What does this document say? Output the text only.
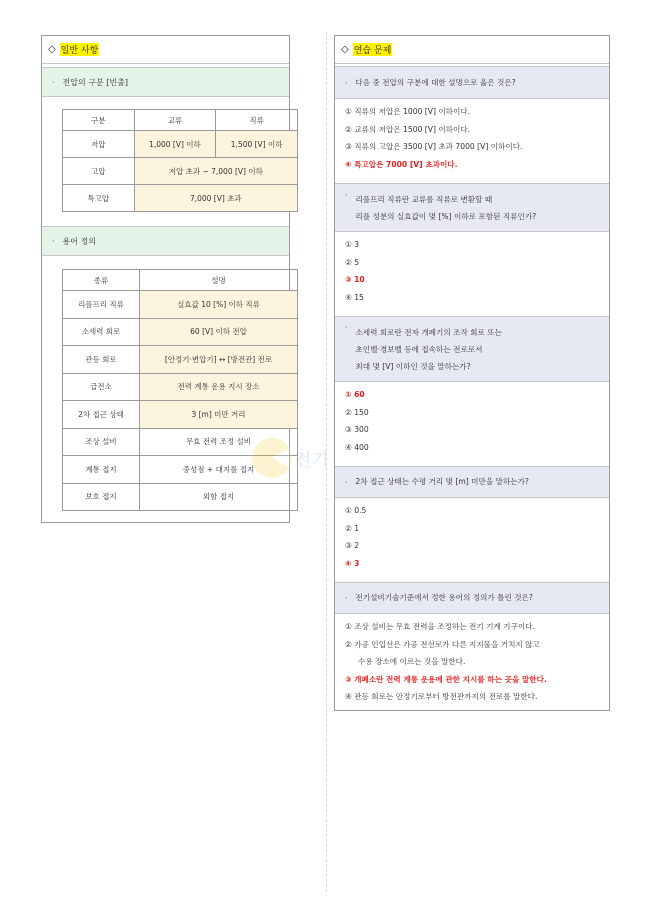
◇ 일반 사항
· 전압의 구분 [빈출]
구분	교류	직류
저압	1,000 [V] 이하	1,500 [V] 이하
고압	저압 초과 ~ 7,000 [V] 이하	
특고압	7,000 [V] 초과	
· 용어 정의
종류	설명
리플프리 직류	실효값 10 [%] 이하 직류
소세력 회로	60 [V] 이하 전압
관등 회로	[안정기·변압기] ↔ [방전관] 전로
급전소	전력 계통 운용 지시 장소
2차 접근 상태	3 [m] 미만 거리
조상 설비	무효 전력 조정 설비
계통 접지	중성점 + 대지를 접지
보호 접지	외함 접지
전기
◇ 연습 문제
· 다음 중 전압의 구분에 대한 설명으로 옳은 것은?
① 직류의 저압은 1000 [V] 이하이다.
② 교류의 저압은 1500 [V] 이하이다.
③ 직류의 고압은 3500 [V] 초과 7000 [V] 이하이다.
④ 특고압은 7000 [V] 초과이다.
· 리플프리 직류란 교류를 직류로 변환할 때
리플 성분의 실효값이 몇 [%] 이하로 포함된 직류인가?
① 3
② 5
③ 10
④ 15
· 소세력 회로란 전자 개폐기의 조작 회로 또는
초인벨·경보벨 등에 접속하는 전로로서
최대 몇 [V] 이하인 것을 말하는가?
① 60
② 150
③ 300
④ 400
· 2차 접근 상태는 수평 거리 몇 [m] 미만을 말하는가?
① 0.5
② 1
③ 2
④ 3
· 전기설비기술기준에서 정한 용어의 정의가 틀린 것은?
① 조상 설비는 무효 전력을 조정하는 전기 기계 기구이다.
② 가공 인입선은 가공 전선로가 다른 지지물을 거치지 않고
수용 장소에 이르는 것을 말한다.
③ 개폐소란 전력 계통 운용에 관한 지시를 하는 곳을 말한다.
④ 관등 회로는 안정기로부터 방전관까지의 전로를 말한다.
